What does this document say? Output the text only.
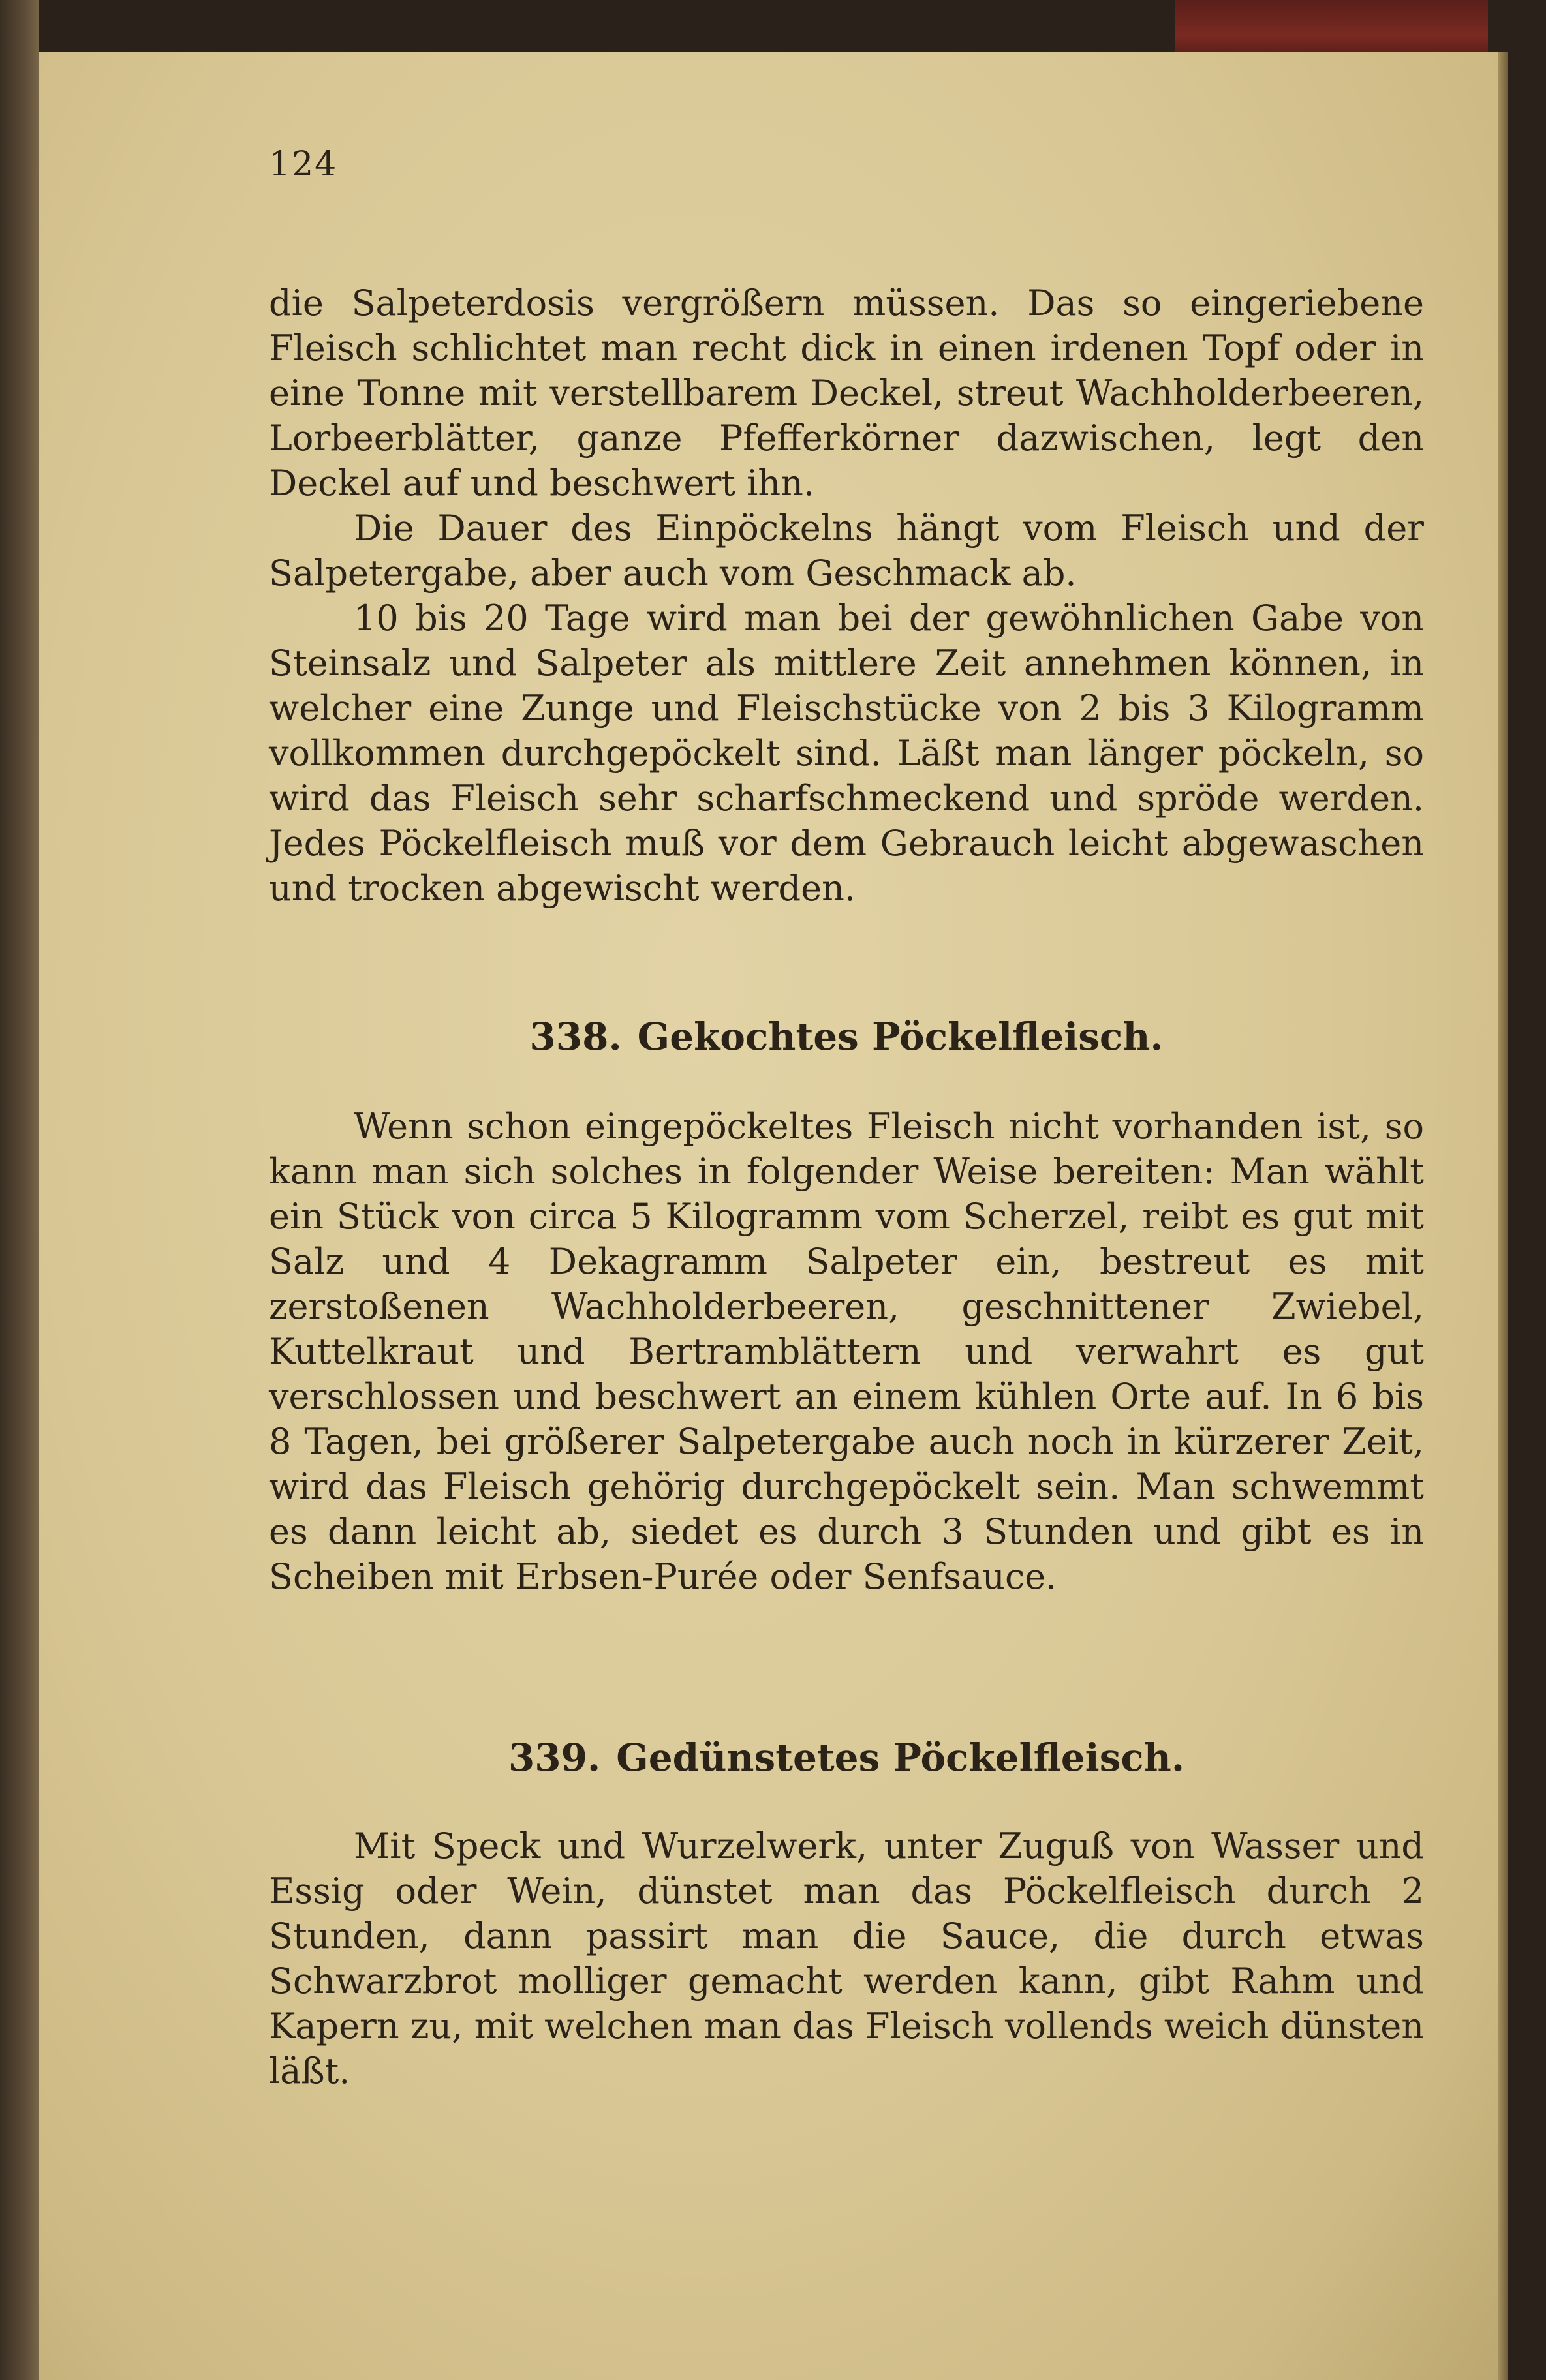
124

die Salpeterdosis vergrößern müssen. Das so eingeriebene Fleisch schlichtet man recht dick in einen irdenen Topf oder in eine Tonne mit verstellbarem Deckel, streut Wachholderbeeren, Lorbeerblätter, ganze Pfefferkörner dazwischen, legt den Deckel auf und beschwert ihn.

Die Dauer des Einpöckelns hängt vom Fleisch und der Salpetergabe, aber auch vom Geschmack ab.

10 bis 20 Tage wird man bei der gewöhnlichen Gabe von Steinsalz und Salpeter als mittlere Zeit annehmen können, in welcher eine Zunge und Fleischstücke von 2 bis 3 Kilogramm vollkommen durchgepöckelt sind. Läßt man länger pöckeln, so wird das Fleisch sehr scharfschmeckend und spröde werden. Jedes Pöckelfleisch muß vor dem Gebrauch leicht abgewaschen und trocken abgewischt werden.

338. Gekochtes Pöckelfleisch.

Wenn schon eingepöckeltes Fleisch nicht vorhanden ist, so kann man sich solches in folgender Weise bereiten: Man wählt ein Stück von circa 5 Kilogramm vom Scherzel, reibt es gut mit Salz und 4 Dekagramm Salpeter ein, bestreut es mit zerstoßenen Wachholderbeeren, geschnittener Zwiebel, Kuttelkraut und Bertramblättern und verwahrt es gut verschlossen und beschwert an einem kühlen Orte auf. In 6 bis 8 Tagen, bei größerer Salpetergabe auch noch in kürzerer Zeit, wird das Fleisch gehörig durchgepöckelt sein. Man schwemmt es dann leicht ab, siedet es durch 3 Stunden und gibt es in Scheiben mit Erbsen-Purée oder Senfsauce.

339. Gedünstetes Pöckelfleisch.

Mit Speck und Wurzelwerk, unter Zuguß von Wasser und Essig oder Wein, dünstet man das Pöckelfleisch durch 2 Stunden, dann passirt man die Sauce, die durch etwas Schwarzbrot molliger gemacht werden kann, gibt Rahm und Kapern zu, mit welchen man das Fleisch vollends weich dünsten läßt.
